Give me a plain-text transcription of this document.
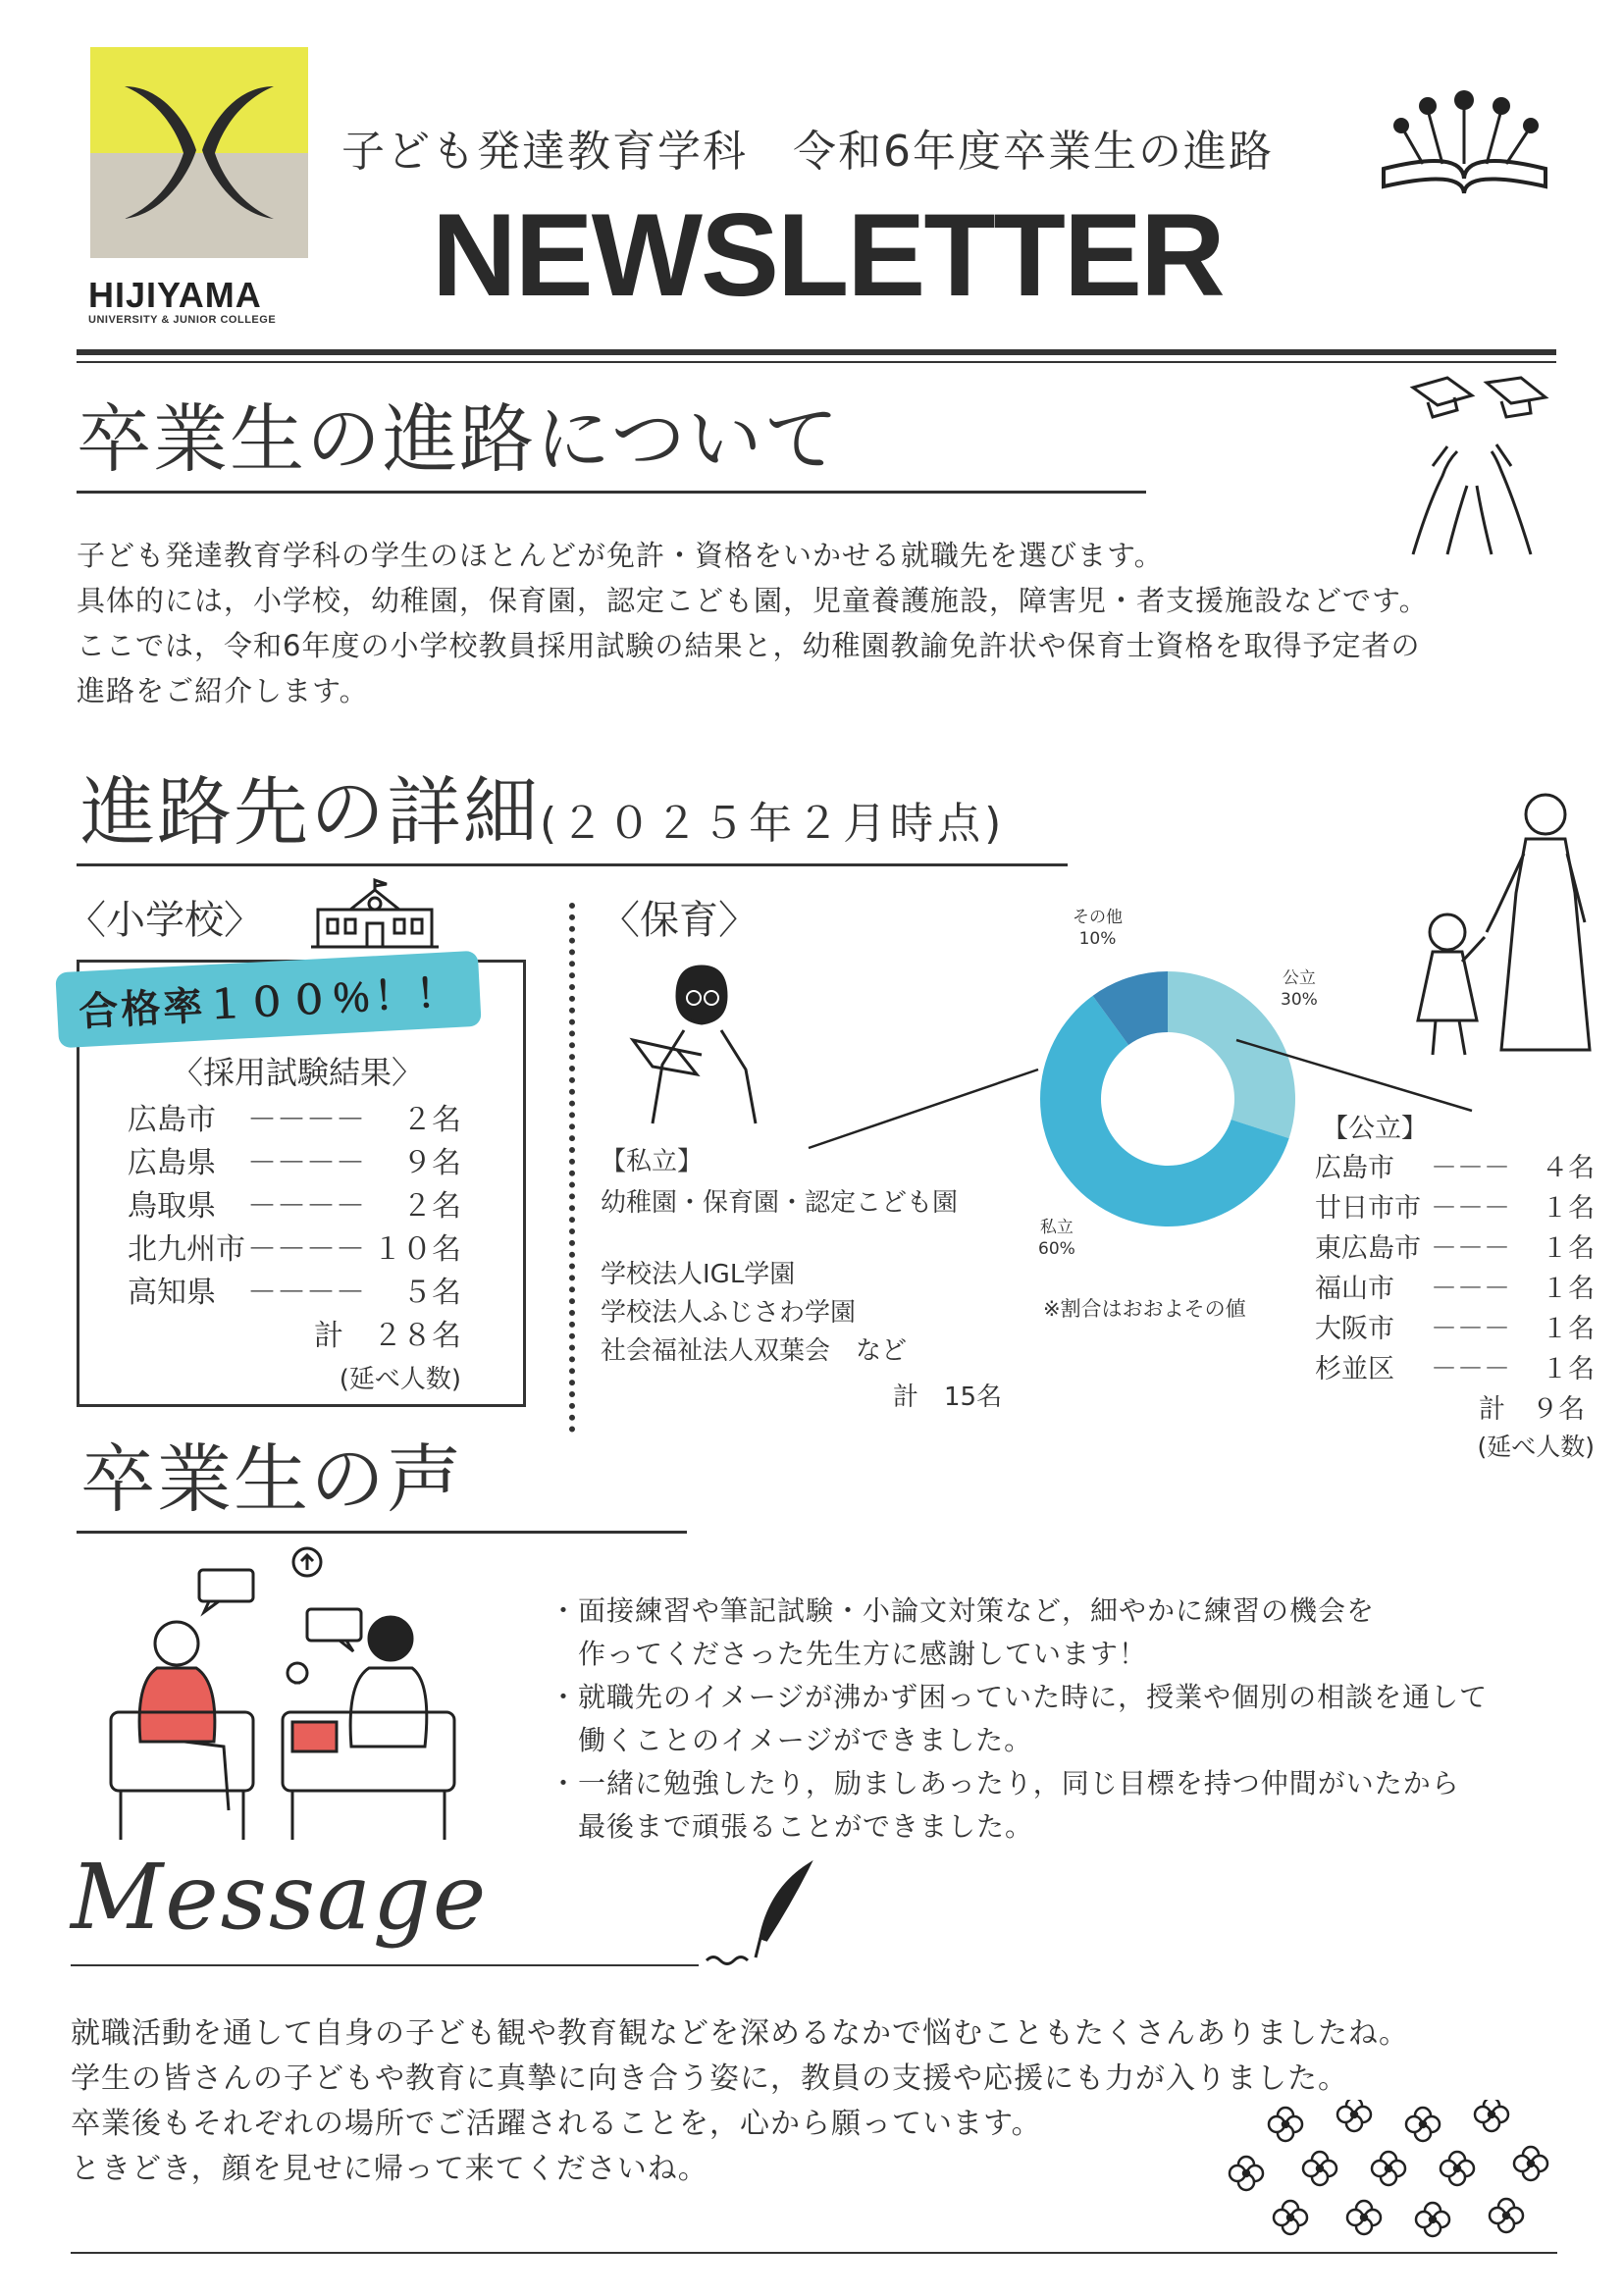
HIJIYAMA
UNIVERSITY & JUNIOR COLLEGE
子ども発達教育学科　令和6年度卒業生の進路
NEWSLETTER
卒業生の進路について
子ども発達教育学科の学生のほとんどが免許・資格をいかせる就職先を選びます。
具体的には，小学校，幼稚園，保育園，認定こども園，児童養護施設，障害児・者支援施設などです。
ここでは，令和6年度の小学校教員採用試験の結果と，幼稚園教諭免許状や保育士資格を取得予定者の
進路をご紹介します。
進路先の詳細(２０２５年２月時点)
〈小学校〉
合格率１００％！！
〈採用試験結果〉
広島市 －－－－ ２名
広島県 －－－－ ９名
鳥取県 －－－－ ２名
北九州市 －－－－ １０名
高知県 －－－－ ５名
計　２８名
(延べ人数)
〈保育〉
【私立】
幼稚園・保育園・認定こども園
学校法人IGL学園
学校法人ふじさわ学園
社会福祉法人双葉会　など
計　15名
その他
10%
公立
30%
私立
60%
※割合はおおよその値
【公立】
広島市 －－－ ４名
廿日市市 －－－ １名
東広島市 －－－ １名
福山市 －－－ １名
大阪市 －－－ １名
杉並区 －－－ １名
計　９名
(延べ人数)
卒業生の声
・面接練習や筆記試験・小論文対策など，細やかに練習の機会を
　作ってくださった先生方に感謝しています！
・就職先のイメージが沸かず困っていた時に，授業や個別の相談を通して
　働くことのイメージができました。
・一緒に勉強したり，励ましあったり，同じ目標を持つ仲間がいたから
　最後まで頑張ることができました。
Message
就職活動を通して自身の子ども観や教育観などを深めるなかで悩むこともたくさんありましたね。
学生の皆さんの子どもや教育に真摯に向き合う姿に，教員の支援や応援にも力が入りました。
卒業後もそれぞれの場所でご活躍されることを，心から願っています。
ときどき，顔を見せに帰って来てくださいね。
